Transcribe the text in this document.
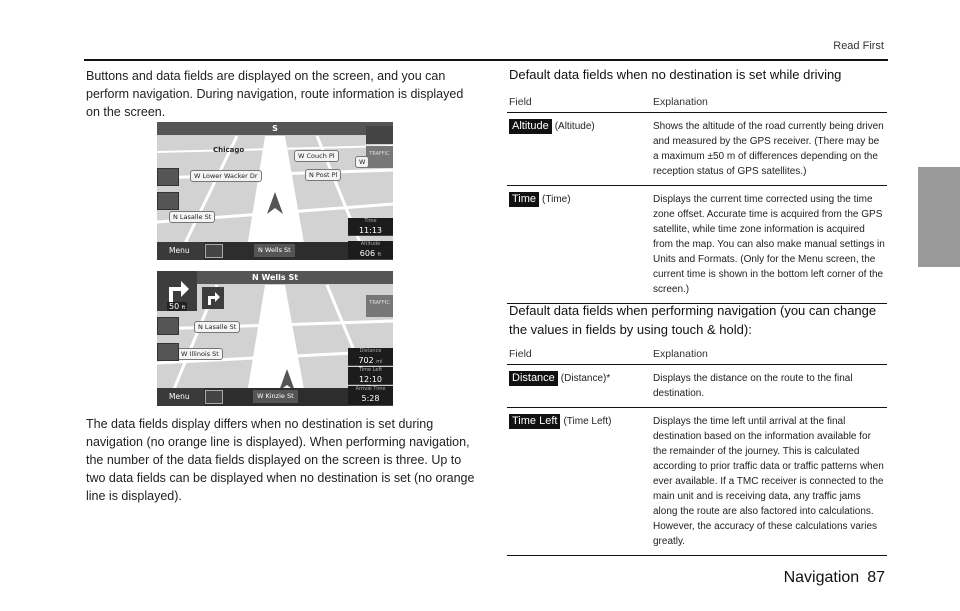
Read First

Buttons and data fields are displayed on the screen, and you can perform navigation. During navigation, route information is displayed on the screen.

S
TRAFFIC
Chicago
W Couch Pl
W
W Lower Wacker Dr	N Post Pl
N Lasalle St	Time
11:13
Menu	N Wells St
Altitude
606 ft
N Wells St
50 ft
TRAFFIC
N Lasalle St
W Illinois St	Distance
702 mi
Time Left
12:10
Menu	W Kinzie St
Arrival Time
5:28

The data fields display differs when no destination is set during navigation (no orange line is displayed). When performing navigation, the number of the data fields displayed on the screen is three. Up to two data fields can be displayed when no destination is set (no orange line is displayed).

Default data fields when no destination is set while driving
Field	Explanation
Altitude (Altitude)	Shows the altitude of the road currently being driven and measured by the GPS receiver. (There may be a maximum ±50 m of differences depending on the reception status of GPS satellites.)
Time (Time)	Displays the current time corrected using the time zone offset. Accurate time is acquired from the GPS satellite, while time zone information is acquired from the map. You can also make manual settings in Units and Formats. (Only for the Menu screen, the current time is shown in the bottom left corner of the screen.)
Default data fields when performing navigation (you can change the values in fields by using touch & hold):
Field	Explanation
Distance (Distance)*	Displays the distance on the route to the final destination.
Time Left (Time Left)	Displays the time left until arrival at the final destination based on the information available for the remainder of the journey. This is calculated according to prior traffic data or traffic patterns when ever available. If a TMC receiver is connected to the main unit and is receiving data, any traffic jams along the route are also factored into calculations. However, the accuracy of these calculations varies greatly.
Navigation 87
